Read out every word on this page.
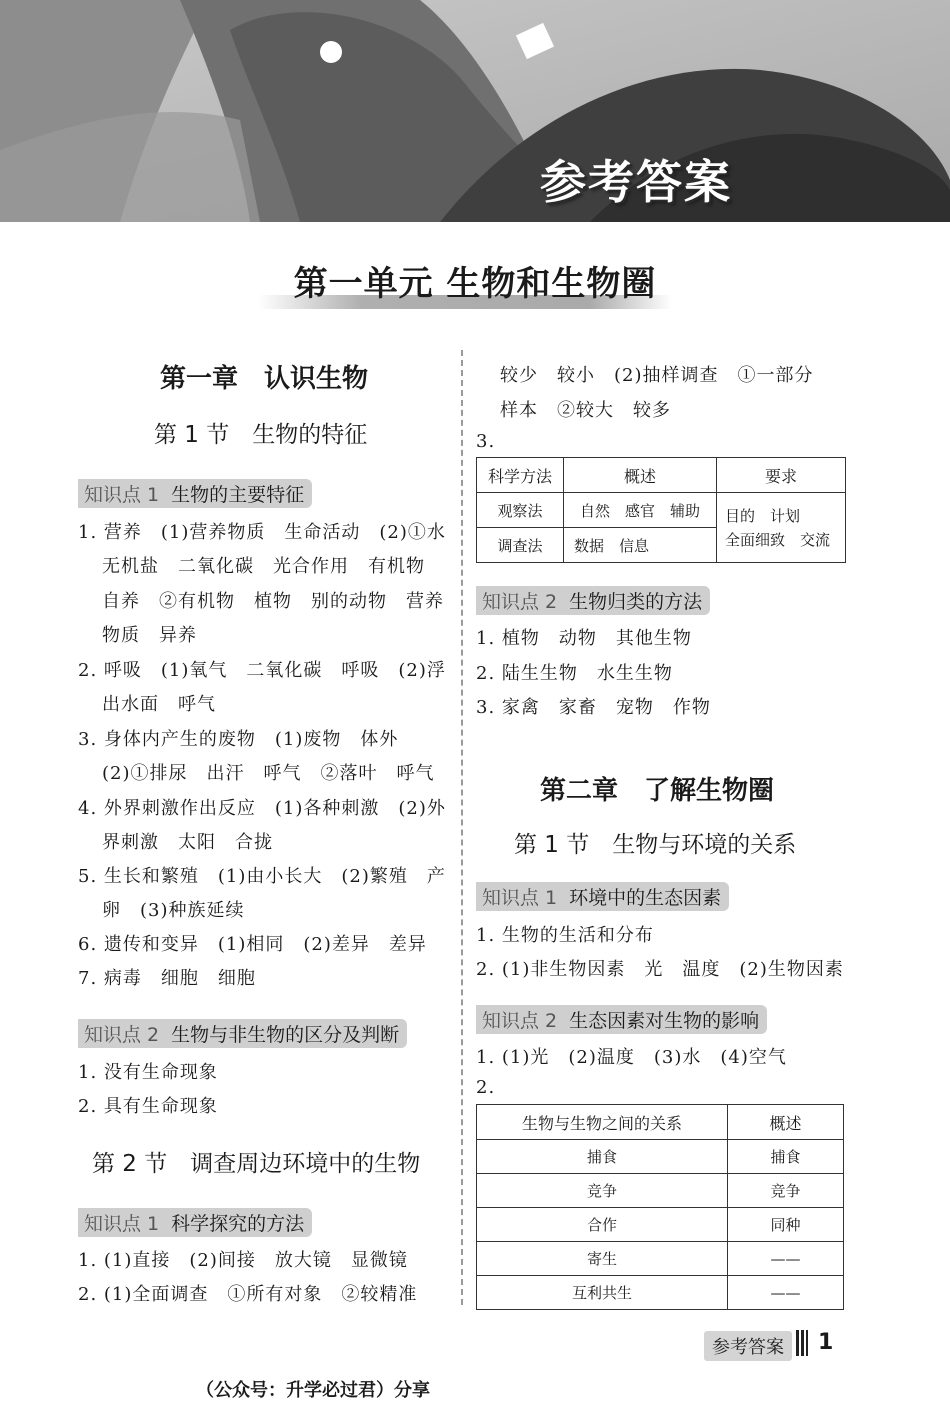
参考答案
第一单元 生物和生物圈
第一章　认识生物
第 1 节　生物的特征
知识点 1 生物的主要特征
1. 营养　(1)营养物质　生命活动　(2)①水
无机盐　二氧化碳　光合作用　有机物
自养　②有机物　植物　别的动物　营养
物质　异养
2. 呼吸　(1)氧气　二氧化碳　呼吸　(2)浮
出水面　呼气
3. 身体内产生的废物　(1)废物　体外
(2)①排尿　出汗　呼气　②落叶　呼气
4. 外界刺激作出反应　(1)各种刺激　(2)外
界刺激　太阳　合拢
5. 生长和繁殖　(1)由小长大　(2)繁殖　产
卵　(3)种族延续
6. 遗传和变异　(1)相同　(2)差异　差异
7. 病毒　细胞　细胞
知识点 2 生物与非生物的区分及判断
1. 没有生命现象
2. 具有生命现象
第 2 节　调查周边环境中的生物
知识点 1 科学探究的方法
1. (1)直接　(2)间接　放大镜　显微镜
2. (1)全面调查　①所有对象　②较精准
较少　较小　(2)抽样调查　①一部分
样本　②较大　较多
3.
科学方法	概述	要求
观察法	自然　感官　辅助	目的　计划
全面细致　交流

调查法	数据　信息	
知识点 2 生物归类的方法
1. 植物　动物　其他生物
2. 陆生生物　水生生物
3. 家禽　家畜　宠物　作物
第二章　了解生物圈
第 1 节　生物与环境的关系
知识点 1 环境中的生态因素
1. 生物的生活和分布
2. (1)非生物因素　光　温度　(2)生物因素
知识点 2 生态因素对生物的影响
1. (1)光　(2)温度　(3)水　(4)空气
2.
生物与生物之间的关系	概述
捕食	捕食
竞争	竞争
合作	同种
寄生	——
互利共生	——
参考答案	1
（公众号：升学必过君）分享
